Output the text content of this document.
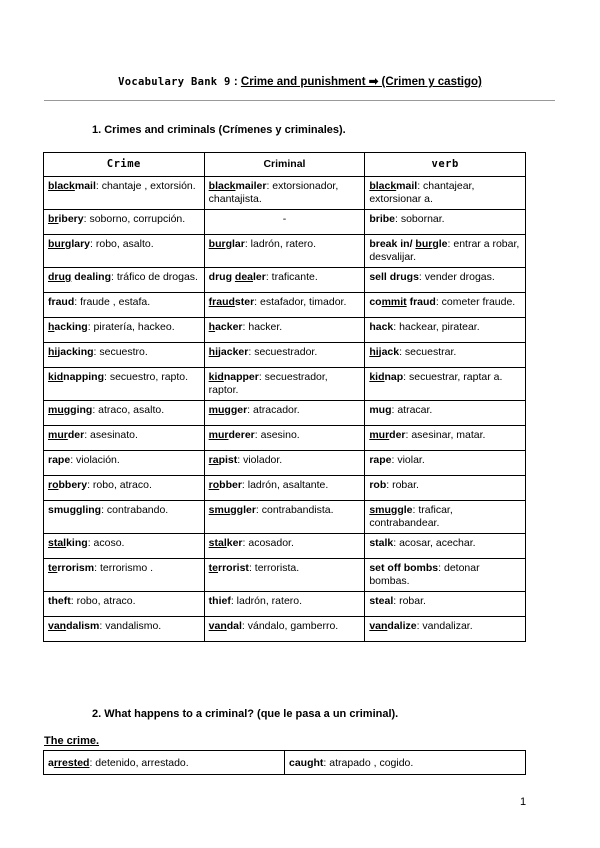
Vocabulary Bank 9 : Crime and punishment ➡ (Crimen y castigo)
1. Crimes and criminals (Crímenes y criminales).
Crime	Criminal	verb
blackmail: chantaje , extorsión.	blackmailer: extorsionador, chantajista.	blackmail: chantajear, extorsionar a.
bribery: soborno, corrupción.	-	bribe: sobornar.
burglary: robo, asalto.	burglar: ladrón, ratero.	break in/ burgle: entrar a robar, desvalijar.
drug dealing: tráfico de drogas.	drug dealer: traficante.	sell drugs: vender drogas.
fraud: fraude , estafa.	fraudster: estafador, timador.	commit fraud: cometer fraude.
hacking: piratería, hackeo.	hacker: hacker.	hack: hackear, piratear.
hijacking: secuestro.	hijacker: secuestrador.	hijack: secuestrar.
kidnapping: secuestro, rapto.	kidnapper: secuestrador, raptor.	kidnap: secuestrar, raptar a.
mugging: atraco, asalto.	mugger: atracador.	mug: atracar.
murder: asesinato.	murderer: asesino.	murder: asesinar, matar.
rape: violación.	rapist: violador.	rape: violar.
robbery: robo, atraco.	robber: ladrón, asaltante.	rob: robar.
smuggling: contrabando.	smuggler: contrabandista.	smuggle: traficar, contrabandear.
stalking: acoso.	stalker: acosador.	stalk: acosar, acechar.
terrorism: terrorismo .	terrorist: terrorista.	set off bombs: detonar bombas.
theft: robo, atraco.	thief: ladrón, ratero.	steal: robar.
vandalism: vandalismo.	vandal: vándalo, gamberro.	vandalize: vandalizar.
2. What happens to a criminal? (que le pasa a un criminal).
The crime.
arrested: detenido, arrestado.	caught: atrapado , cogido.
1
